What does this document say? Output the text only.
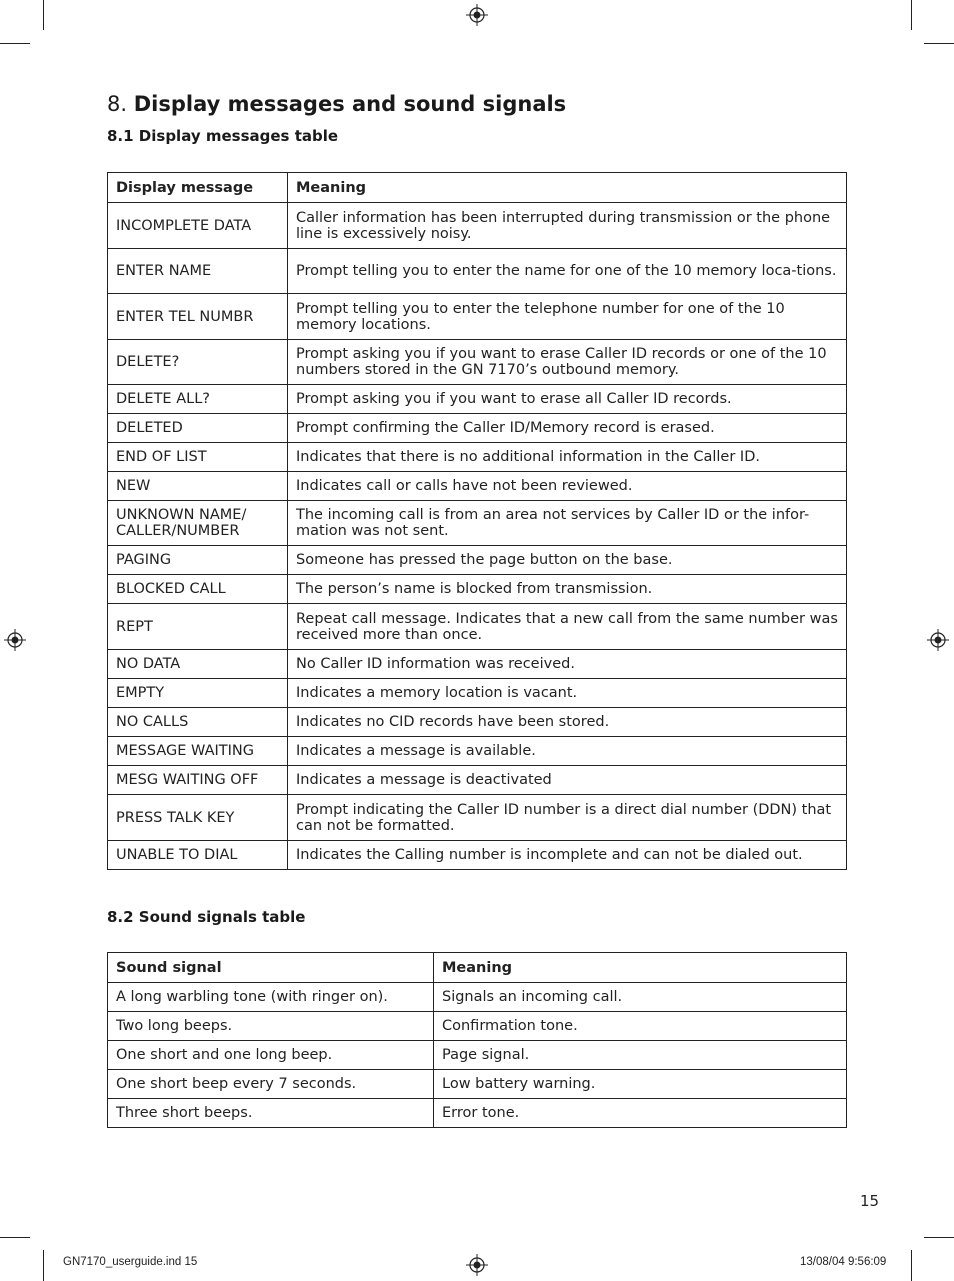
8. Display messages and sound signals
8.1 Display messages table
Display message	Meaning
INCOMPLETE DATA	Caller information has been interrupted during transmission or the phone line is excessively noisy.
ENTER NAME	Prompt telling you to enter the name for one of the 10 memory loca-tions.
ENTER TEL NUMBR	Prompt telling you to enter the telephone number for one of the 10 memory locations.
DELETE?	Prompt asking you if you want to erase Caller ID records or one of the 10 numbers stored in the GN 7170’s outbound memory.
DELETE ALL?	Prompt asking you if you want to erase all Caller ID records.
DELETED	Prompt confirming the Caller ID/Memory record is erased.
END OF LIST	Indicates that there is no additional information in the Caller ID.
NEW	Indicates call or calls have not been reviewed.
UNKNOWN NAME/ CALLER/NUMBER	The incoming call is from an area not services by Caller ID or the infor-mation was not sent.
PAGING	Someone has pressed the page button on the base.
BLOCKED CALL	The person’s name is blocked from transmission.
REPT	Repeat call message. Indicates that a new call from the same number was received more than once.
NO DATA	No Caller ID information was received.
EMPTY	Indicates a memory location is vacant.
NO CALLS	Indicates no CID records have been stored.
MESSAGE WAITING	Indicates a message is available.
MESG WAITING OFF	Indicates a message is deactivated
PRESS TALK KEY	Prompt indicating the Caller ID number is a direct dial number (DDN) that can not be formatted.
UNABLE TO DIAL	Indicates the Calling number is incomplete and can not be dialed out.
8.2 Sound signals table
Sound signal	Meaning
A long warbling tone (with ringer on).	Signals an incoming call.
Two long beeps.	Confirmation tone.
One short and one long beep.	Page signal.
One short beep every 7 seconds.	Low battery warning.
Three short beeps.	Error tone.
15
GN7170_userguide.ind 15	13/08/04 9:56:09
